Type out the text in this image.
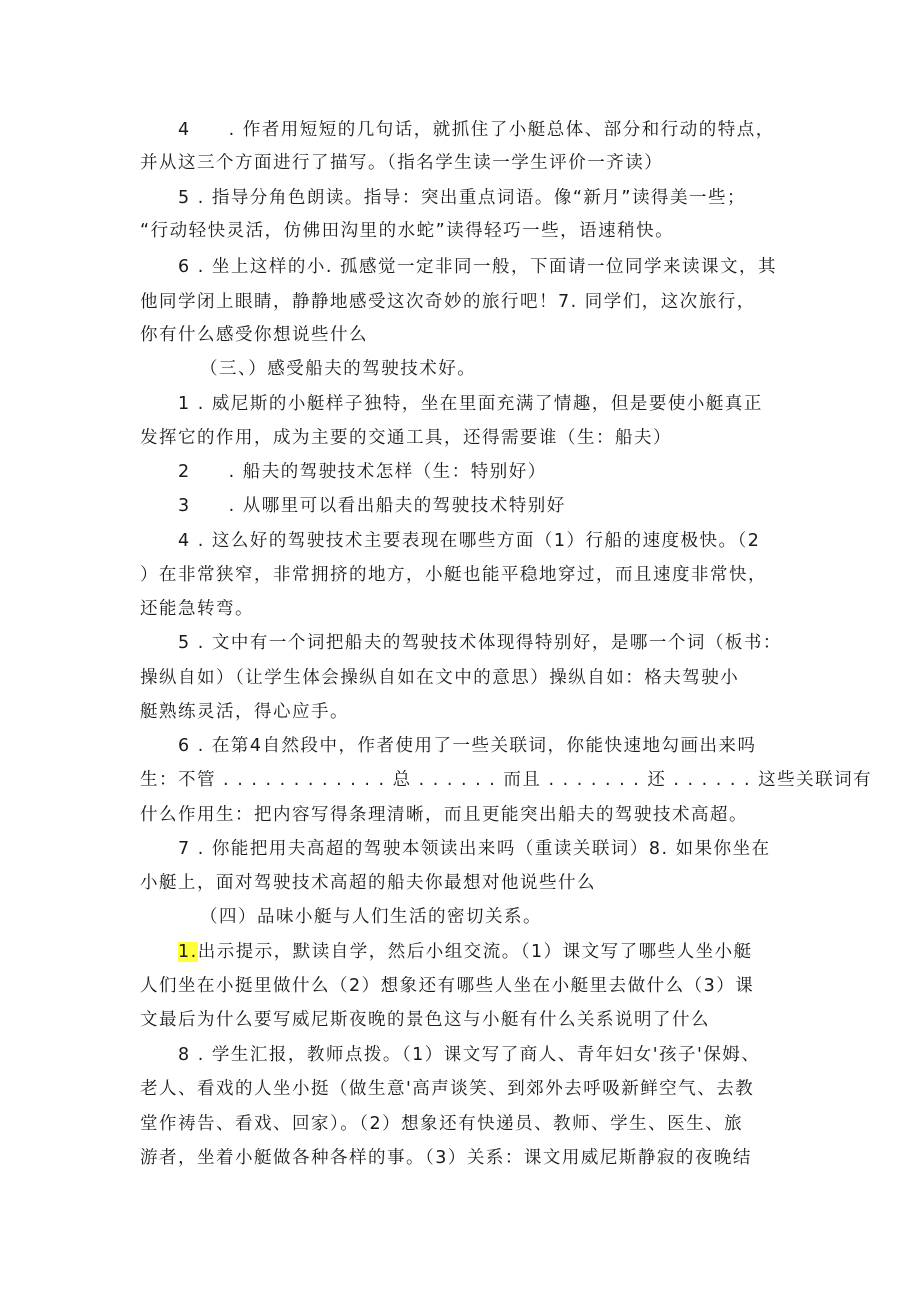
4　　. 作者用短短的几句话，就抓住了小艇总体、部分和行动的特点，
并从这三个方面进行了描写。（指名学生读一学生评价一齐读）
5 . 指导分角色朗读。指导：突出重点词语。像“新月”读得美一些；
“行动轻快灵活，仿佛田沟里的水蛇”读得轻巧一些，语速稍快。
6 . 坐上这样的小. 孤感觉一定非同一般，下面请一位同学来读课文，其
他同学闭上眼睛，静静地感受这次奇妙的旅行吧！7. 同学们，这次旅行，
你有什么感受你想说些什么
（三、）感受船夫的驾驶技术好。
1 . 威尼斯的小艇样子独特，坐在里面充满了情趣，但是要使小艇真正
发挥它的作用，成为主要的交通工具，还得需要谁（生：船夫）
2　　. 船夫的驾驶技术怎样（生：特别好）
3　　. 从哪里可以看出船夫的驾驶技术特别好
4 . 这么好的驾驶技术主要表现在哪些方面（1）行船的速度极快。（2
）在非常狭窄，非常拥挤的地方，小艇也能平稳地穿过，而且速度非常快，
还能急转弯。
5 . 文中有一个词把船夫的驾驶技术体现得特别好，是哪一个词（板书：
操纵自如）（让学生体会操纵自如在文中的意思）操纵自如：格夫驾驶小
艇熟练灵活，得心应手。
6 . 在第4自然段中，作者使用了一些关联词，你能快速地勾画出来吗
生：不管 . . . . . . . . . . . . 总 . . . . . . 而且 . . . . . . . 还 . . . . . . 这些关联词有
什么作用生：把内容写得条理清晰，而且更能突出船夫的驾驶技术高超。
7 . 你能把用夫高超的驾驶本领读出来吗（重读关联词）8. 如果你坐在
小艇上，面对驾驶技术高超的船夫你最想对他说些什么
（四）品味小艇与人们生活的密切关系。
1.出示提示，默读自学，然后小组交流。（1）课文写了哪些人坐小艇
人们坐在小挺里做什么（2）想象还有哪些人坐在小艇里去做什么（3）课
文最后为什么要写威尼斯夜晚的景色这与小艇有什么关系说明了什么
8 . 学生汇报，教师点拨。（1）课文写了商人、青年妇女'孩子'保姆、
老人、看戏的人坐小挺（做生意'高声谈笑、到郊外去呼吸新鲜空气、去教
堂作祷告、看戏、回家）。（2）想象还有快递员、教师、学生、医生、旅
游者，坐着小艇做各种各样的事。（3）关系：课文用威尼斯静寂的夜晚结
